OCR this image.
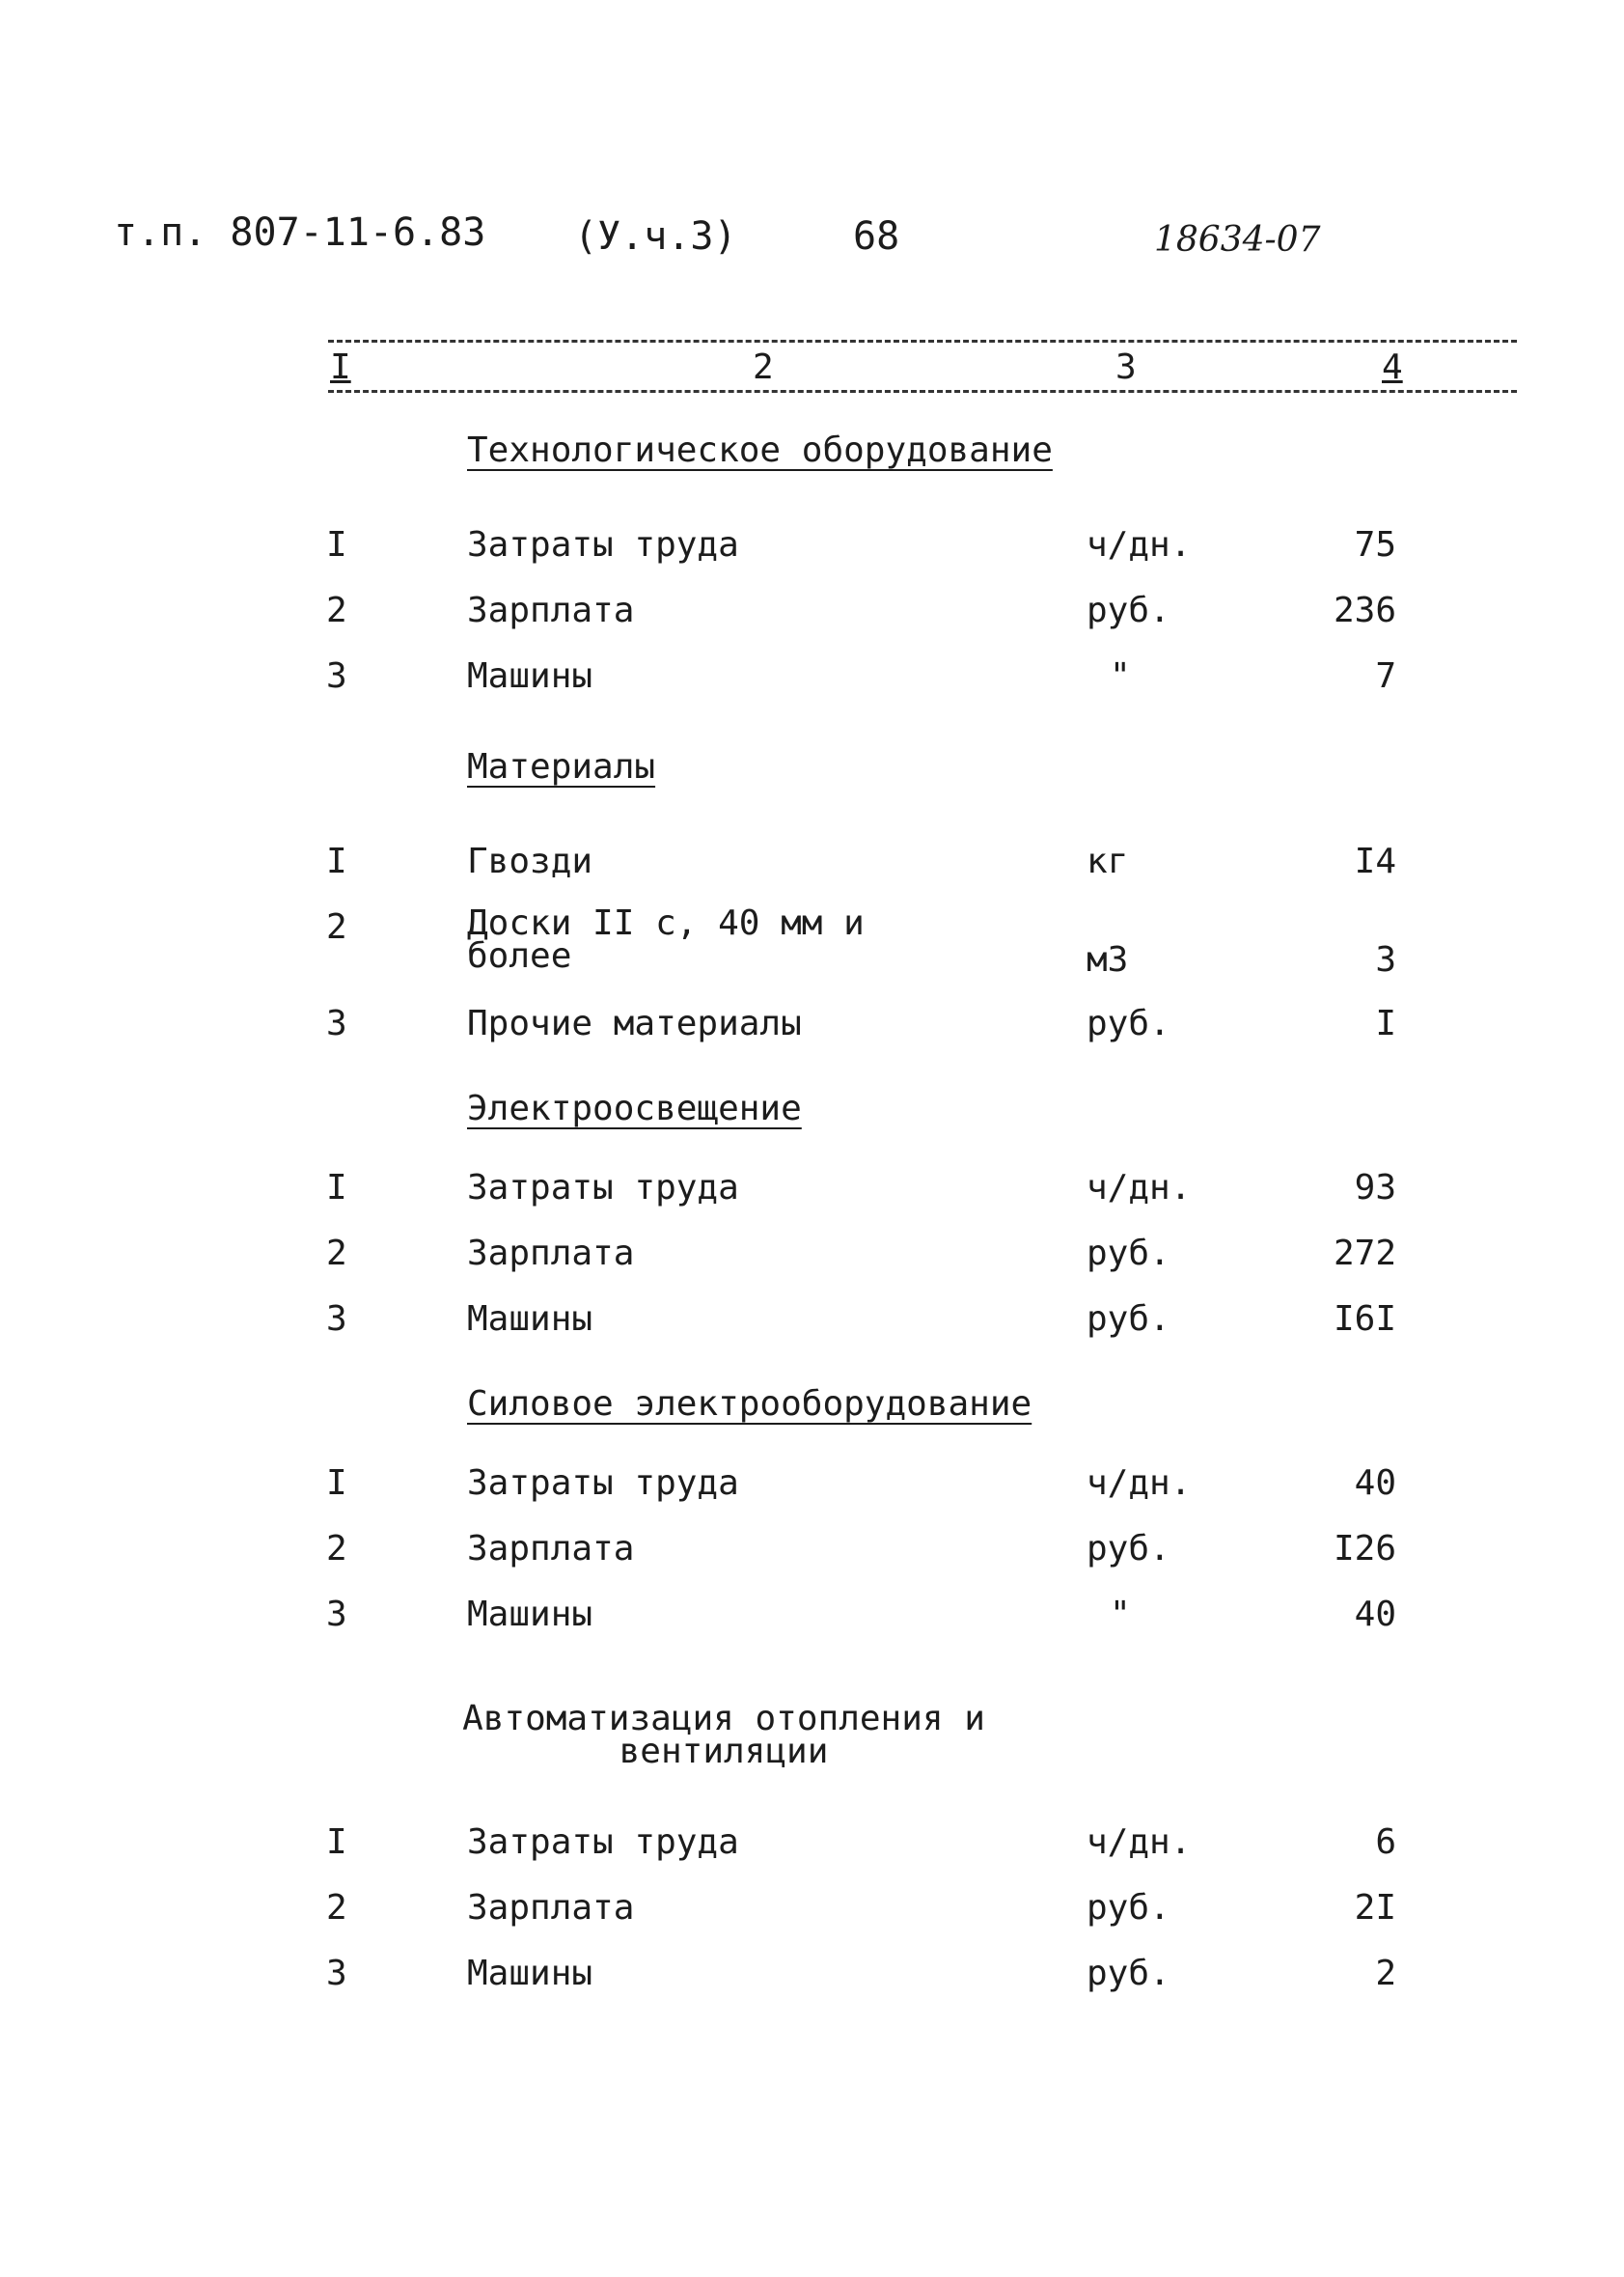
т.п. 807-11-6.83 (У.ч.3)	68	18634-07
I	2	3	4
Технологическое оборудование
I	Затраты труда	ч/дн.	75
2	Зарплата	руб.	236
3	Машины	"	7
Материалы
I	Гвозди	кг	I4
2	Доски II с, 40 мм и более	м3	3
3	Прочие материалы	руб.	I
Электроосвещение
I	Затраты труда	ч/дн.	93
2	Зарплата	руб.	272
3	Машины	руб.	I6I
Силовое электрооборудование
I	Затраты труда	ч/дн.	40
2	Зарплата	руб.	I26
3	Машины	"	40
Автоматизация отопления и вентиляции
I	Затраты труда	ч/дн.	6
2	Зарплата	руб.	2I
3	Машины	руб.	2
